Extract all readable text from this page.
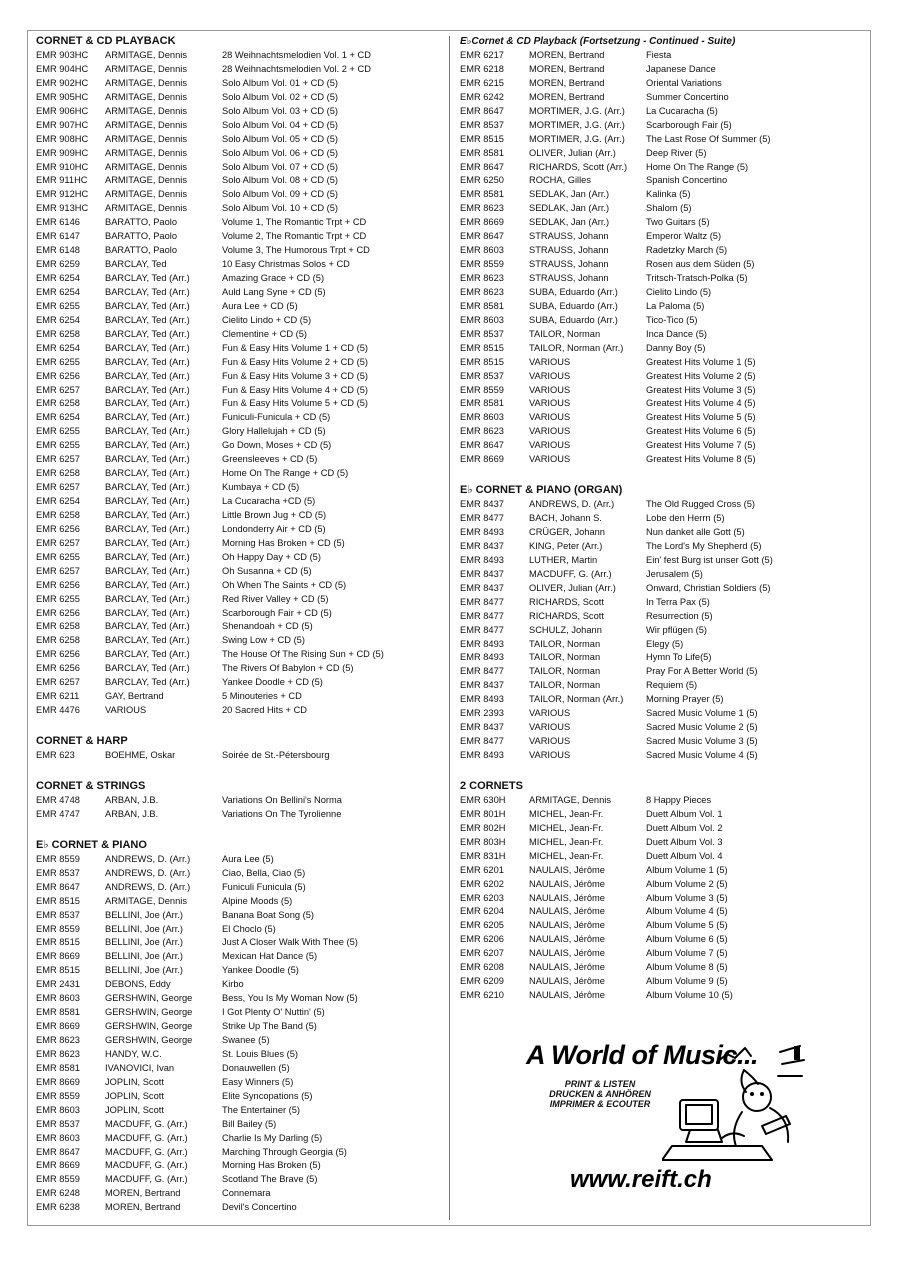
CORNET & CD PLAYBACK
EMR 903HC	ARMITAGE, Dennis	28 Weihnachtsmelodien Vol. 1 + CD
EMR 904HC	ARMITAGE, Dennis	28 Weihnachtsmelodien Vol. 2 + CD
EMR 902HC	ARMITAGE, Dennis	Solo Album Vol. 01 + CD (5)
EMR 905HC	ARMITAGE, Dennis	Solo Album Vol. 02 + CD (5)
EMR 906HC	ARMITAGE, Dennis	Solo Album Vol. 03 + CD (5)
EMR 907HC	ARMITAGE, Dennis	Solo Album Vol. 04 + CD (5)
EMR 908HC	ARMITAGE, Dennis	Solo Album Vol. 05 + CD (5)
EMR 909HC	ARMITAGE, Dennis	Solo Album Vol. 06 + CD (5)
EMR 910HC	ARMITAGE, Dennis	Solo Album Vol. 07 + CD (5)
EMR 911HC	ARMITAGE, Dennis	Solo Album Vol. 08 + CD (5)
EMR 912HC	ARMITAGE, Dennis	Solo Album Vol. 09 + CD (5)
EMR 913HC	ARMITAGE, Dennis	Solo Album Vol. 10 + CD (5)
EMR 6146	BARATTO, Paolo	Volume 1, The Romantic Trpt + CD
EMR 6147	BARATTO, Paolo	Volume 2, The Romantic Trpt + CD
EMR 6148	BARATTO, Paolo	Volume 3, The Humorous Trpt + CD
EMR 6259	BARCLAY, Ted	10 Easy Christmas Solos + CD
EMR 6254	BARCLAY, Ted (Arr.)	Amazing Grace + CD (5)
EMR 6254	BARCLAY, Ted (Arr.)	Auld Lang Syne + CD (5)
EMR 6255	BARCLAY, Ted (Arr.)	Aura Lee + CD (5)
EMR 6254	BARCLAY, Ted (Arr.)	Cielito Lindo + CD (5)
EMR 6258	BARCLAY, Ted (Arr.)	Clementine + CD (5)
EMR 6254	BARCLAY, Ted (Arr.)	Fun & Easy Hits Volume 1 + CD (5)
EMR 6255	BARCLAY, Ted (Arr.)	Fun & Easy Hits Volume 2 + CD (5)
EMR 6256	BARCLAY, Ted (Arr.)	Fun & Easy Hits Volume 3 + CD (5)
EMR 6257	BARCLAY, Ted (Arr.)	Fun & Easy Hits Volume 4 + CD (5)
EMR 6258	BARCLAY, Ted (Arr.)	Fun & Easy Hits Volume 5 + CD (5)
EMR 6254	BARCLAY, Ted (Arr.)	Funiculi-Funicula + CD (5)
EMR 6255	BARCLAY, Ted (Arr.)	Glory Hallelujah + CD (5)
EMR 6255	BARCLAY, Ted (Arr.)	Go Down, Moses + CD (5)
EMR 6257	BARCLAY, Ted (Arr.)	Greensleeves + CD (5)
EMR 6258	BARCLAY, Ted (Arr.)	Home On The Range + CD (5)
EMR 6257	BARCLAY, Ted (Arr.)	Kumbaya + CD (5)
EMR 6254	BARCLAY, Ted (Arr.)	La Cucaracha +CD (5)
EMR 6258	BARCLAY, Ted (Arr.)	Little Brown Jug + CD (5)
EMR 6256	BARCLAY, Ted (Arr.)	Londonderry Air + CD (5)
EMR 6257	BARCLAY, Ted (Arr.)	Morning Has Broken + CD (5)
EMR 6255	BARCLAY, Ted (Arr.)	Oh Happy Day + CD (5)
EMR 6257	BARCLAY, Ted (Arr.)	Oh Susanna + CD (5)
EMR 6256	BARCLAY, Ted (Arr.)	Oh When The Saints + CD (5)
EMR 6255	BARCLAY, Ted (Arr.)	Red River Valley + CD (5)
EMR 6256	BARCLAY, Ted (Arr.)	Scarborough Fair + CD (5)
EMR 6258	BARCLAY, Ted (Arr.)	Shenandoah + CD (5)
EMR 6258	BARCLAY, Ted (Arr.)	Swing Low + CD (5)
EMR 6256	BARCLAY, Ted (Arr.)	The House Of The Rising Sun + CD (5)
EMR 6256	BARCLAY, Ted (Arr.)	The Rivers Of Babylon + CD (5)
EMR 6257	BARCLAY, Ted (Arr.)	Yankee Doodle + CD (5)
EMR 6211	GAY, Bertrand	5 Minouteries + CD
EMR 4476	VARIOUS	20 Sacred Hits + CD
CORNET & HARP
EMR 623	BOEHME, Oskar	Soirée de St.-Pétersbourg
CORNET & STRINGS
EMR 4748	ARBAN, J.B.	Variations On Bellini's Norma
EMR 4747	ARBAN, J.B.	Variations On The Tyrolienne
E♭ CORNET & PIANO
EMR 8559	ANDREWS, D. (Arr.)	Aura Lee (5)
EMR 8537	ANDREWS, D. (Arr.)	Ciao, Bella, Ciao (5)
EMR 8647	ANDREWS, D. (Arr.)	Funiculi Funicula (5)
EMR 8515	ARMITAGE, Dennis	Alpine Moods (5)
EMR 8537	BELLINI, Joe (Arr.)	Banana Boat Song (5)
EMR 8559	BELLINI, Joe (Arr.)	El Choclo (5)
EMR 8515	BELLINI, Joe (Arr.)	Just A Closer Walk With Thee (5)
EMR 8669	BELLINI, Joe (Arr.)	Mexican Hat Dance (5)
EMR 8515	BELLINI, Joe (Arr.)	Yankee Doodle (5)
EMR 2431	DEBONS, Eddy	Kirbo
EMR 8603	GERSHWIN, George	Bess, You Is My Woman Now (5)
EMR 8581	GERSHWIN, George	I Got Plenty O' Nuttin' (5)
EMR 8669	GERSHWIN, George	Strike Up The Band (5)
EMR 8623	GERSHWIN, George	Swanee (5)
EMR 8623	HANDY, W.C.	St. Louis Blues (5)
EMR 8581	IVANOVICI, Ivan	Donauwellen (5)
EMR 8669	JOPLIN, Scott	Easy Winners (5)
EMR 8559	JOPLIN, Scott	Elite Syncopations (5)
EMR 8603	JOPLIN, Scott	The Entertainer (5)
EMR 8537	MACDUFF, G. (Arr.)	Bill Bailey (5)
EMR 8603	MACDUFF, G. (Arr.)	Charlie Is My Darling (5)
EMR 8647	MACDUFF, G. (Arr.)	Marching Through Georgia (5)
EMR 8669	MACDUFF, G. (Arr.)	Morning Has Broken (5)
EMR 8559	MACDUFF, G. (Arr.)	Scotland The Brave (5)
EMR 6248	MOREN, Bertrand	Connemara
EMR 6238	MOREN, Bertrand	Devil's Concertino
E♭Cornet & CD Playback (Fortsetzung - Continued - Suite)
EMR 6217	MOREN, Bertrand	Fiesta
EMR 6218	MOREN, Bertrand	Japanese Dance
EMR 6215	MOREN, Bertrand	Oriental Variations
EMR 6242	MOREN, Bertrand	Summer Concertino
EMR 8647	MORTIMER, J.G. (Arr.)	La Cucaracha (5)
EMR 8537	MORTIMER, J.G. (Arr.)	Scarborough Fair (5)
EMR 8515	MORTIMER, J.G. (Arr.)	The Last Rose Of Summer (5)
EMR 8581	OLIVER, Julian (Arr.)	Deep River (5)
EMR 8647	RICHARDS, Scott (Arr.)	Home On The Range (5)
EMR 6250	ROCHA, Gilles	Spanish Concertino
EMR 8581	SEDLAK, Jan (Arr.)	Kalinka (5)
EMR 8623	SEDLAK, Jan (Arr.)	Shalom (5)
EMR 8669	SEDLAK, Jan (Arr.)	Two Guitars (5)
EMR 8647	STRAUSS, Johann	Emperor Waltz (5)
EMR 8603	STRAUSS, Johann	Radetzky March (5)
EMR 8559	STRAUSS, Johann	Rosen aus dem Süden (5)
EMR 8623	STRAUSS, Johann	Tritsch-Tratsch-Polka (5)
EMR 8623	SUBA, Eduardo (Arr.)	Cielito Lindo (5)
EMR 8581	SUBA, Eduardo (Arr.)	La Paloma (5)
EMR 8603	SUBA, Eduardo (Arr.)	Tico-Tico (5)
EMR 8537	TAILOR, Norman	Inca Dance (5)
EMR 8515	TAILOR, Norman (Arr.)	Danny Boy (5)
EMR 8515	VARIOUS	Greatest Hits Volume 1 (5)
EMR 8537	VARIOUS	Greatest Hits Volume 2 (5)
EMR 8559	VARIOUS	Greatest Hits Volume 3 (5)
EMR 8581	VARIOUS	Greatest Hits Volume 4 (5)
EMR 8603	VARIOUS	Greatest Hits Volume 5 (5)
EMR 8623	VARIOUS	Greatest Hits Volume 6 (5)
EMR 8647	VARIOUS	Greatest Hits Volume 7 (5)
EMR 8669	VARIOUS	Greatest Hits Volume 8 (5)
E♭ CORNET & PIANO (ORGAN)
EMR 8437	ANDREWS, D. (Arr.)	The Old Rugged Cross (5)
EMR 8477	BACH, Johann S.	Lobe den Herrn (5)
EMR 8493	CRÜGER, Johann	Nun danket alle Gott (5)
EMR 8437	KING, Peter (Arr.)	The Lord's My Shepherd (5)
EMR 8493	LUTHER, Martin	Ein' fest Burg ist unser Gott (5)
EMR 8437	MACDUFF, G. (Arr.)	Jerusalem (5)
EMR 8437	OLIVER, Julian (Arr.)	Onward, Christian Soldiers (5)
EMR 8477	RICHARDS, Scott	In Terra Pax (5)
EMR 8477	RICHARDS, Scott	Resurrection (5)
EMR 8477	SCHULZ, Johann	Wir pflügen (5)
EMR 8493	TAILOR, Norman	Elegy (5)
EMR 8493	TAILOR, Norman	Hymn To Life(5)
EMR 8477	TAILOR, Norman	Pray For A Better World (5)
EMR 8437	TAILOR, Norman	Requiem (5)
EMR 8493	TAILOR, Norman (Arr.)	Morning Prayer (5)
EMR 2393	VARIOUS	Sacred Music Volume 1 (5)
EMR 8437	VARIOUS	Sacred Music Volume 2 (5)
EMR 8477	VARIOUS	Sacred Music Volume 3 (5)
EMR 8493	VARIOUS	Sacred Music Volume 4 (5)
2 CORNETS
EMR 630H	ARMITAGE, Dennis	8 Happy Pieces
EMR 801H	MICHEL, Jean-Fr.	Duett Album Vol. 1
EMR 802H	MICHEL, Jean-Fr.	Duett Album Vol. 2
EMR 803H	MICHEL, Jean-Fr.	Duett Album Vol. 3
EMR 831H	MICHEL, Jean-Fr.	Duett Album Vol. 4
EMR 6201	NAULAIS, Jérôme	Album Volume 1 (5)
EMR 6202	NAULAIS, Jérôme	Album Volume 2 (5)
EMR 6203	NAULAIS, Jérôme	Album Volume 3 (5)
EMR 6204	NAULAIS, Jérôme	Album Volume 4 (5)
EMR 6205	NAULAIS, Jérôme	Album Volume 5 (5)
EMR 6206	NAULAIS, Jérôme	Album Volume 6 (5)
EMR 6207	NAULAIS, Jérôme	Album Volume 7 (5)
EMR 6208	NAULAIS, Jérôme	Album Volume 8 (5)
EMR 6209	NAULAIS, Jérôme	Album Volume 9 (5)
EMR 6210	NAULAIS, Jérôme	Album Volume 10 (5)
A World of Music...
PRINT & LISTEN
DRUCKEN & ANHÖREN
IMPRIMER & ECOUTER
www.reift.ch
